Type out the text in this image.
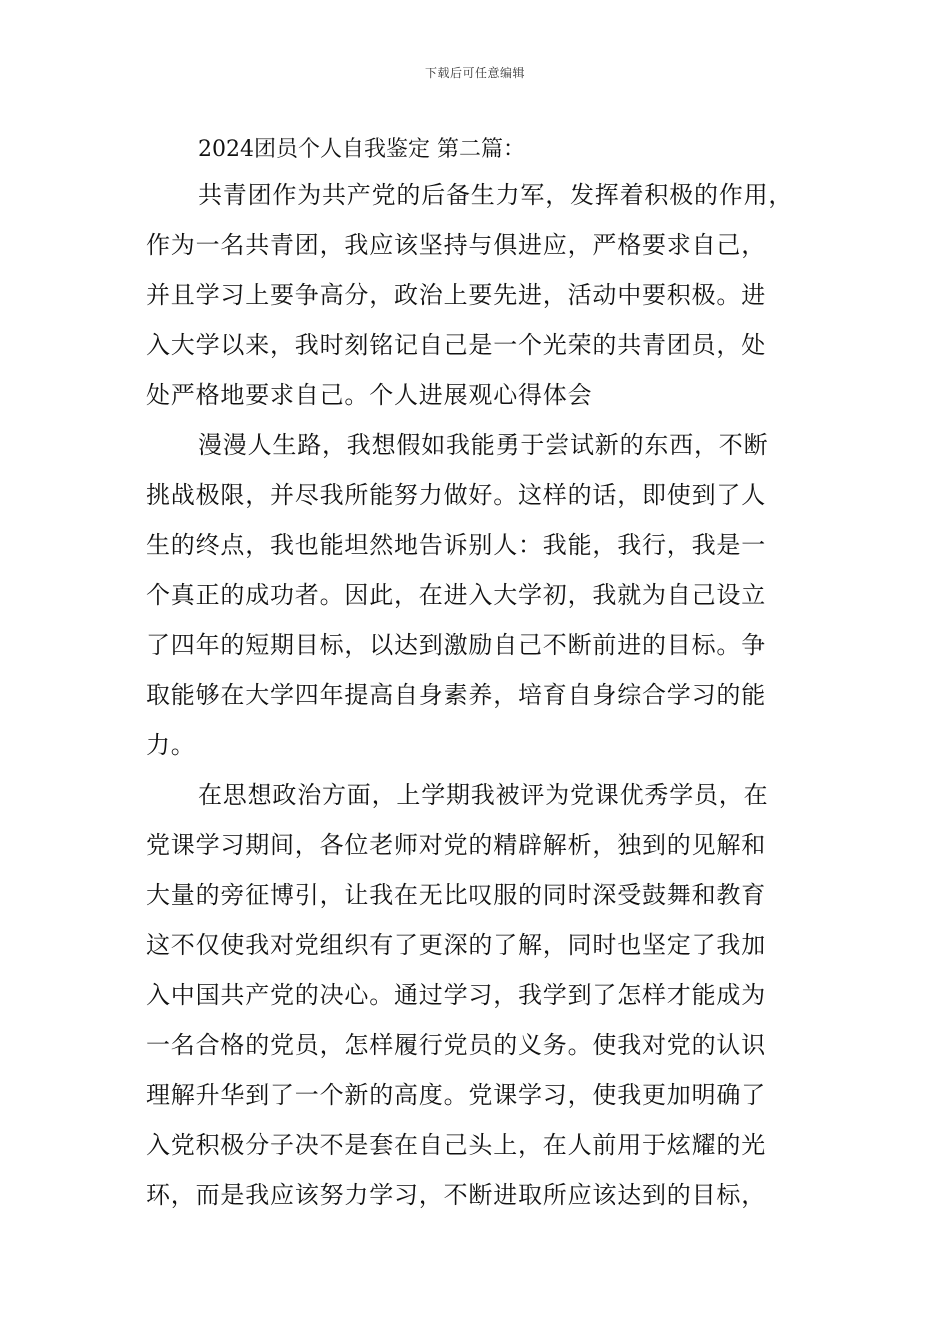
下载后可任意编辑
2024团员个人自我鉴定 第二篇：
共青团作为共产党的后备生力军，发挥着积极的作用，
作为一名共青团，我应该坚持与俱进应，严格要求自己，
并且学习上要争高分，政治上要先进，活动中要积极。进
入大学以来，我时刻铭记自己是一个光荣的共青团员，处
处严格地要求自己。个人进展观心得体会
漫漫人生路，我想假如我能勇于尝试新的东西，不断
挑战极限，并尽我所能努力做好。这样的话，即使到了人
生的终点，我也能坦然地告诉别人：我能，我行，我是一
个真正的成功者。因此，在进入大学初，我就为自己设立
了四年的短期目标，以达到激励自己不断前进的目标。争
取能够在大学四年提高自身素养，培育自身综合学习的能
力。
在思想政治方面，上学期我被评为党课优秀学员，在
党课学习期间，各位老师对党的精辟解析，独到的见解和
大量的旁征博引，让我在无比叹服的同时深受鼓舞和教育
这不仅使我对党组织有了更深的了解，同时也坚定了我加
入中国共产党的决心。通过学习，我学到了怎样才能成为
一名合格的党员，怎样履行党员的义务。使我对党的认识
理解升华到了一个新的高度。党课学习，使我更加明确了
入党积极分子决不是套在自己头上，在人前用于炫耀的光
环，而是我应该努力学习，不断进取所应该达到的目标，
